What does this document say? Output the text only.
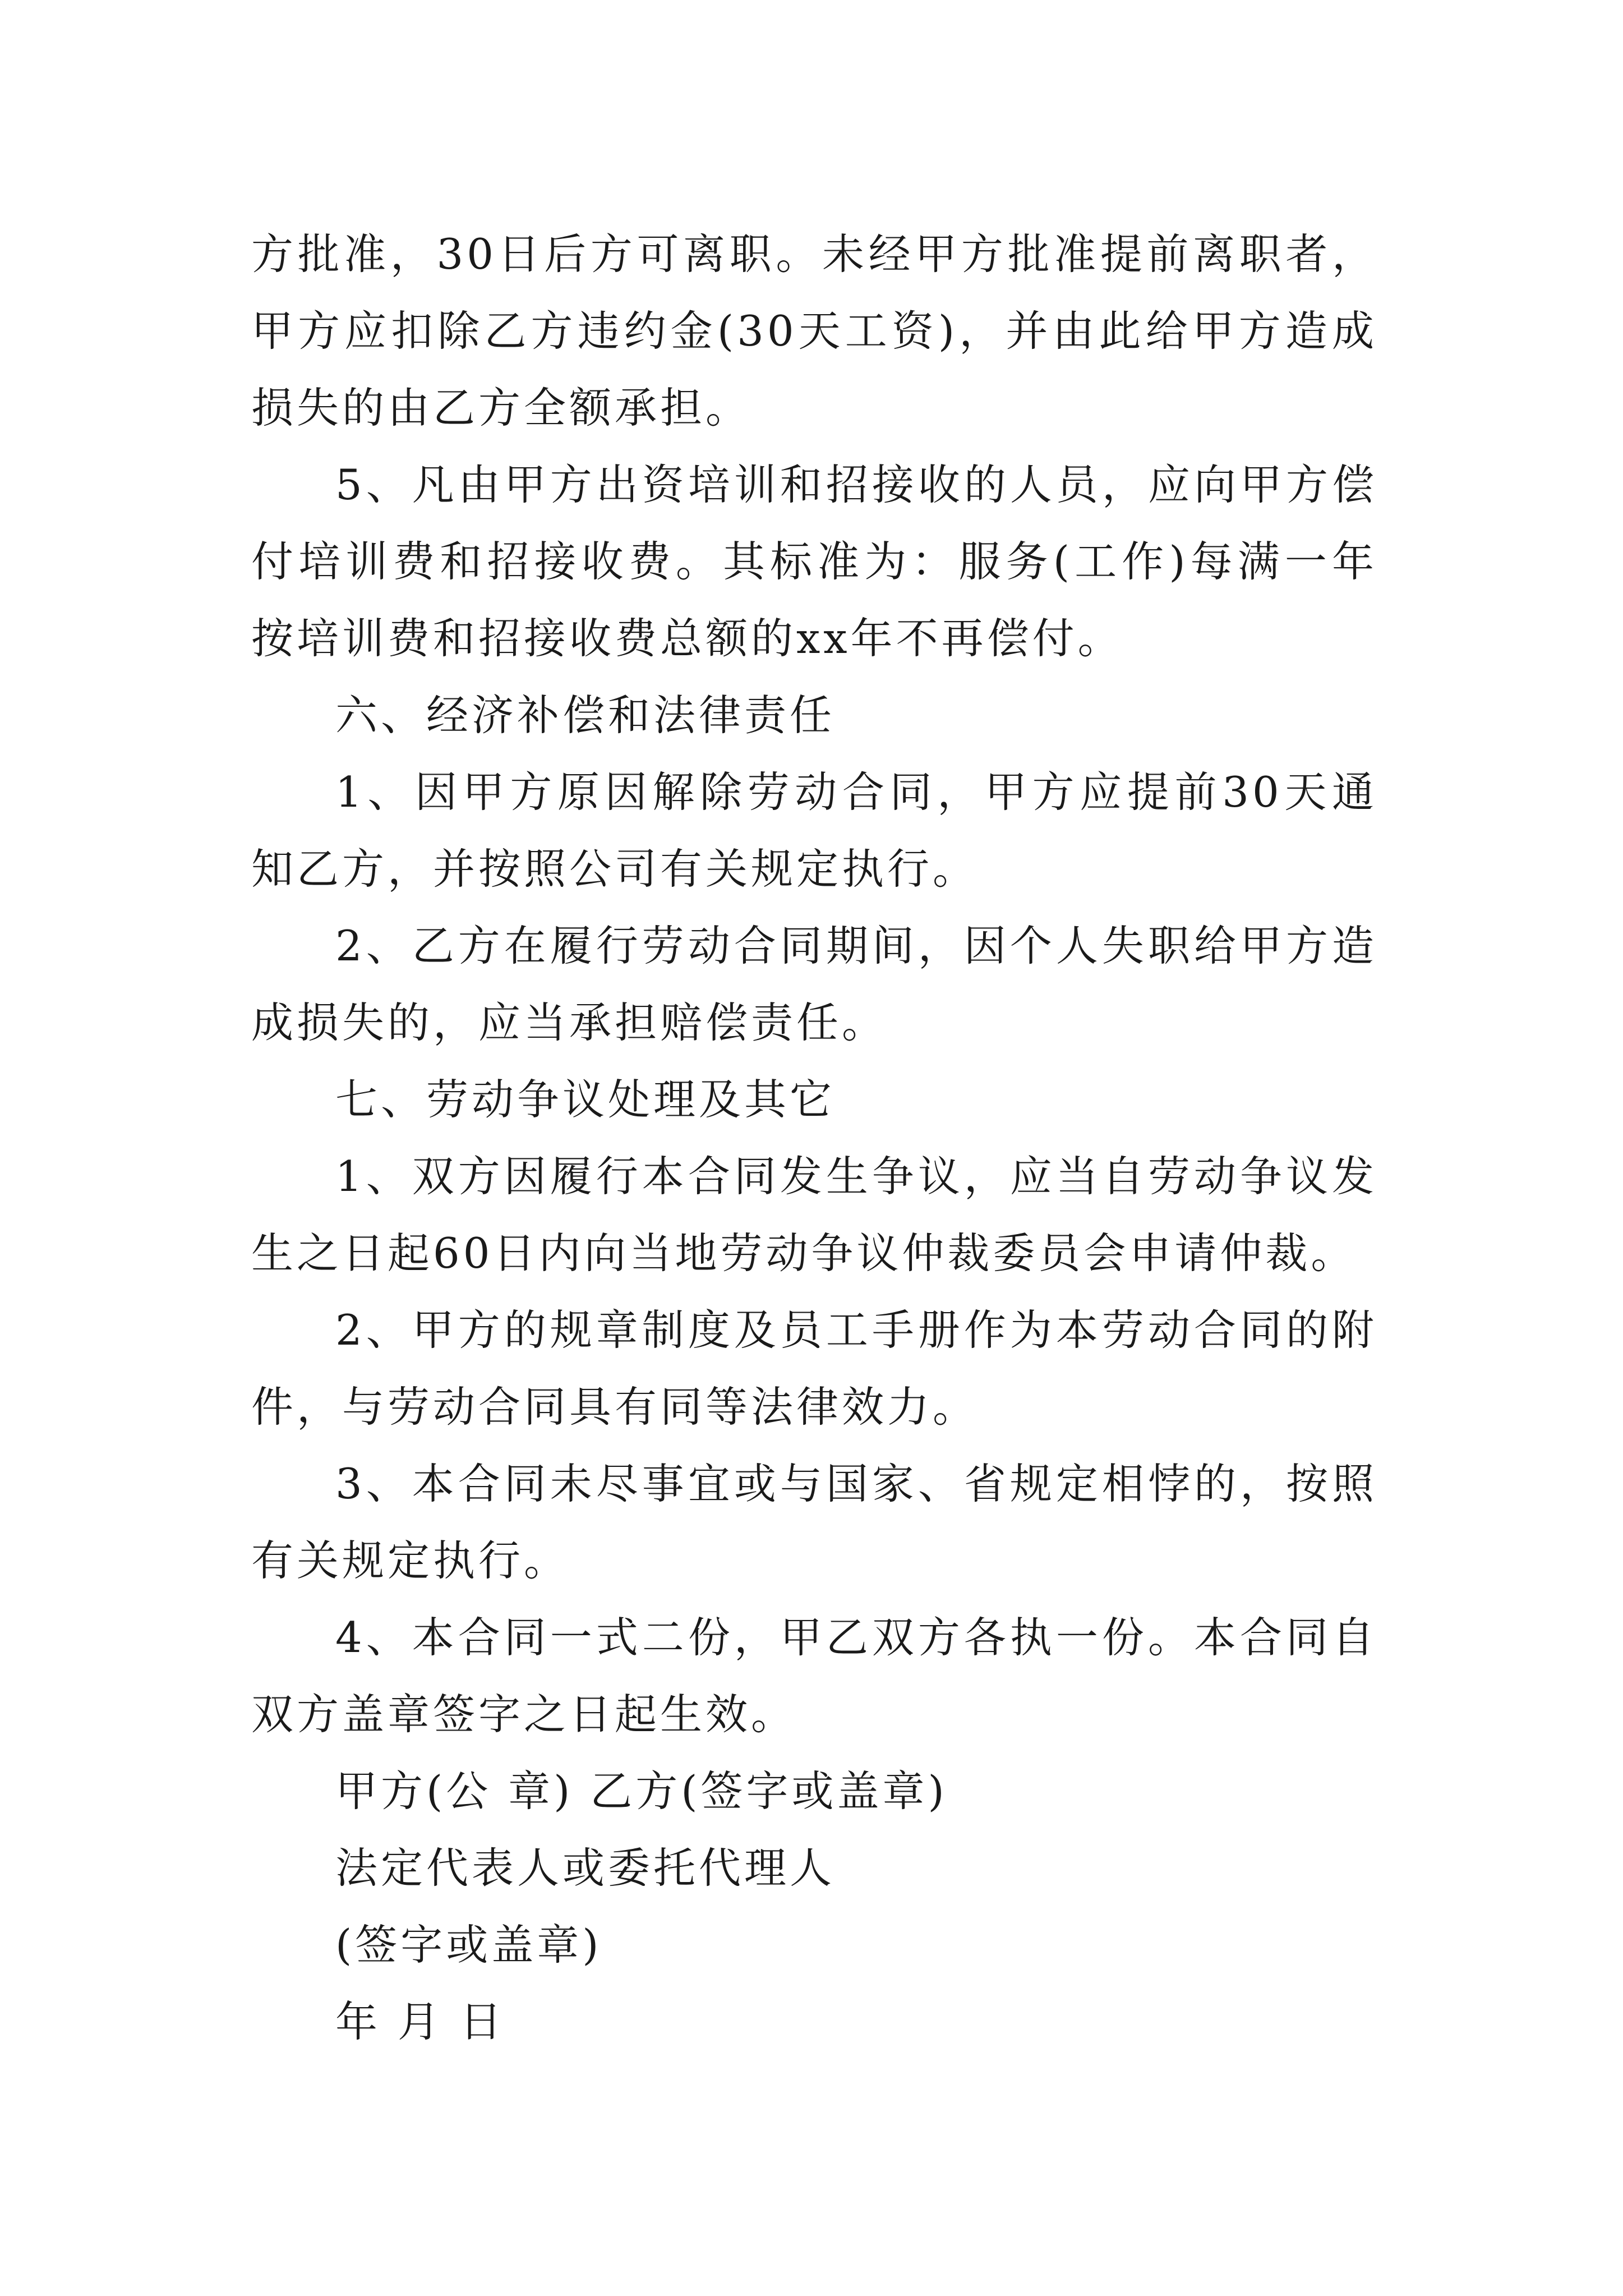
方批准，30日后方可离职。未经甲方批准提前离职者，甲方应扣除乙方违约金(30天工资)，并由此给甲方造成损失的由乙方全额承担。

5、凡由甲方出资培训和招接收的人员，应向甲方偿付培训费和招接收费。其标准为：服务(工作)每满一年按培训费和招接收费总额的xx年不再偿付。

六、经济补偿和法律责任

1、因甲方原因解除劳动合同，甲方应提前30天通知乙方，并按照公司有关规定执行。

2、乙方在履行劳动合同期间，因个人失职给甲方造成损失的，应当承担赔偿责任。

七、劳动争议处理及其它

1、双方因履行本合同发生争议，应当自劳动争议发生之日起60日内向当地劳动争议仲裁委员会申请仲裁。

2、甲方的规章制度及员工手册作为本劳动合同的附件，与劳动合同具有同等法律效力。

3、本合同未尽事宜或与国家、省规定相悖的，按照有关规定执行。

4、本合同一式二份，甲乙双方各执一份。本合同自双方盖章签字之日起生效。

甲方(公 章) 乙方(签字或盖章)

法定代表人或委托代理人

(签字或盖章)

年 月 日
